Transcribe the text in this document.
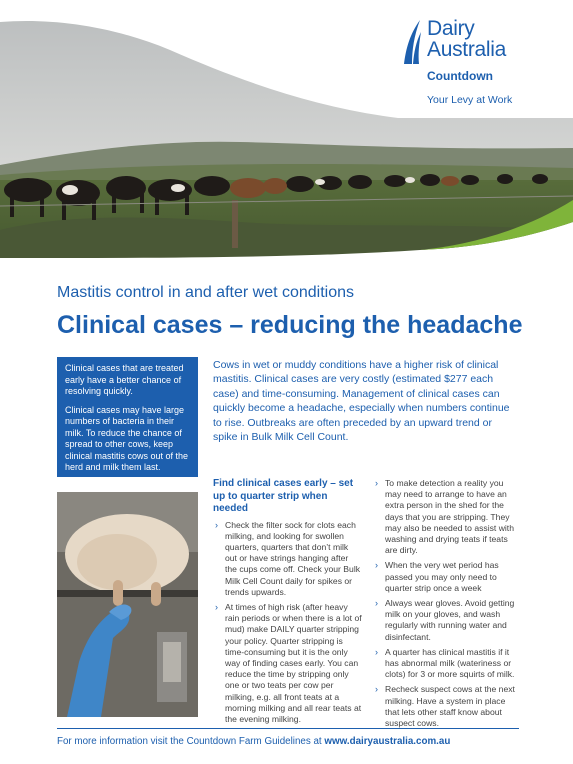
Dairy
Australia
Countdown
Your Levy at Work
Mastitis control in and after wet conditions
Clinical cases – reducing the headache

Clinical cases that are treated early have a better chance of resolving quickly.

Clinical cases may have large numbers of bacteria in their milk. To reduce the chance of spread to other cows, keep clinical mastitis cows out of the herd and milk them last.

Cows in wet or muddy conditions have a higher risk of clinical mastitis. Clinical cases are very costly (estimated $277 each case) and time-consuming. Management of clinical cases can quickly become a headache, especially when numbers continue to rise. Outbreaks are often preceded by an upward trend or spike in Bulk Milk Cell Count.
Find clinical cases early – set up to quarter strip when needed
› Check the filter sock for clots each milking, and looking for swollen quarters, quarters that don’t milk out or have strings hanging after the cups come off. Check your Bulk Milk Cell Count daily for spikes or trends upwards.
› At times of high risk (after heavy rain periods or when there is a lot of mud) make DAILY quarter stripping your policy. Quarter stripping is time-consuming but it is the only way of finding cases early. You can reduce the time by stripping only one or two teats per cow per milking, e.g. all front teats at a morning milking and all rear teats at the evening milking.
› To make detection a reality you may need to arrange to have an extra person in the shed for the days that you are stripping. They may also be needed to assist with washing and drying teats if teats are dirty.
› When the very wet period has passed you may only need to quarter strip once a week
› Always wear gloves. Avoid getting milk on your gloves, and wash regularly with running water and disinfectant.
› A quarter has clinical mastitis if it has abnormal milk (wateriness or clots) for 3 or more squirts of milk.
› Recheck suspect cows at the next milking. Have a system in place that lets other staff know about suspect cows.
For more information visit the Countdown Farm Guidelines at www.dairyaustralia.com.au
